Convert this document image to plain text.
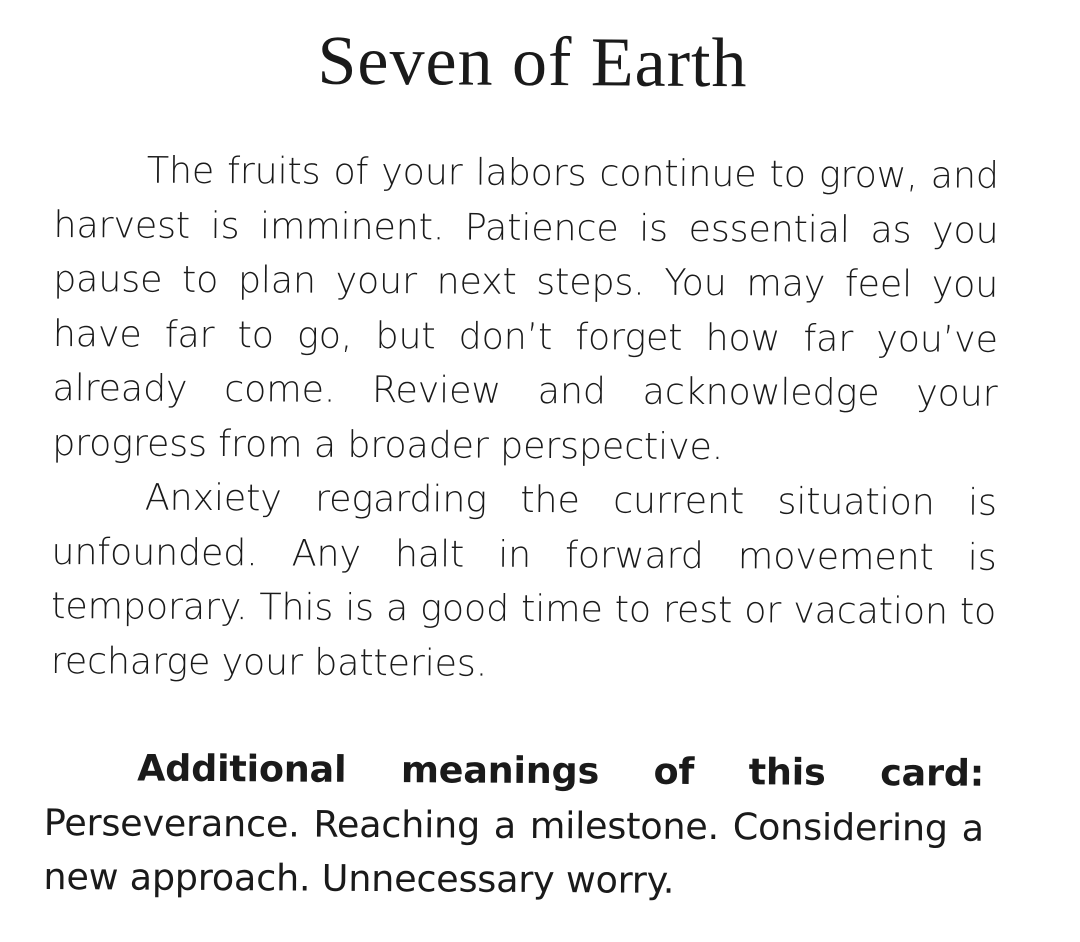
Seven of Earth

The fruits of your labors continue to grow, and harvest is imminent. Patience is essential as you pause to plan your next steps. You may feel you have far to go, but don’t forget how far you’ve already come. Review and acknowledge your progress from a broader perspective.

Anxiety regarding the current situation is unfounded. Any halt in forward movement is temporary. This is a good time to rest or vacation to recharge your batteries.

Additional meanings of this card: Perseverance. Reaching a milestone. Considering a new approach. Unnecessary worry.
